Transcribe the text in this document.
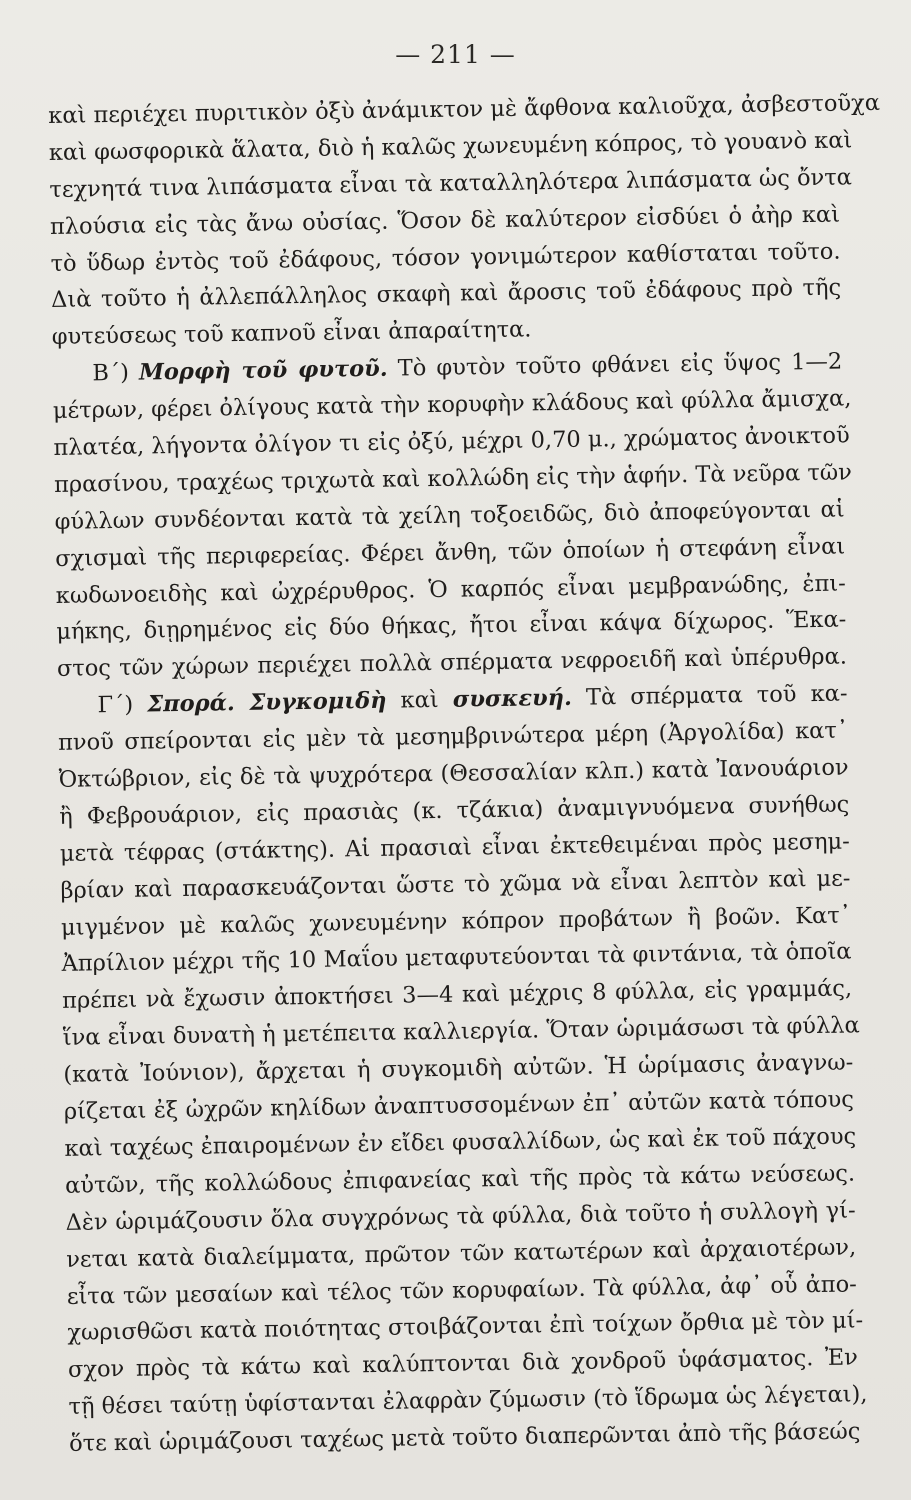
— 211 —
καὶ περιέχει πυριτικὸν ὀξὺ ἀνάμικτον μὲ ἄφθονα καλιοῦχα, ἀσβεστοῦχα
καὶ φωσφορικὰ ἅλατα, διὸ ἡ καλῶς χωνευμένη κόπρος, τὸ γουανὸ καὶ
τεχνητά τινα λιπάσματα εἶναι τὰ καταλληλότερα λιπάσματα ὡς ὄντα
πλούσια εἰς τὰς ἄνω οὐσίας. Ὅσον δὲ καλύτερον εἰσδύει ὁ ἀὴρ καὶ
τὸ ὕδωρ ἐντὸς τοῦ ἐδάφους, τόσον γονιμώτερον καθίσταται τοῦτο.
Διὰ τοῦτο ἡ ἀλλεπάλληλος σκαφὴ καὶ ἄροσις τοῦ ἐδάφους πρὸ τῆς
φυτεύσεως τοῦ καπνοῦ εἶναι ἀπαραίτητα.
Β΄) Μορφὴ τοῦ φυτοῦ. Τὸ φυτὸν τοῦτο φθάνει εἰς ὕψος 1—2
μέτρων, φέρει ὀλίγους κατὰ τὴν κορυφὴν κλάδους καὶ φύλλα ἄμισχα,
πλατέα, λήγοντα ὀλίγον τι εἰς ὀξύ, μέχρι 0,70 μ., χρώματος ἀνοικτοῦ
πρασίνου, τραχέως τριχωτὰ καὶ κολλώδη εἰς τὴν ἁφήν. Τὰ νεῦρα τῶν
φύλλων συνδέονται κατὰ τὰ χείλη τοξοειδῶς, διὸ ἀποφεύγονται αἱ
σχισμαὶ τῆς περιφερείας. Φέρει ἄνθη, τῶν ὁποίων ἡ στεφάνη εἶναι
κωδωνοειδὴς καὶ ὠχρέρυθρος. Ὁ καρπός εἶναι μεμβρανώδης, ἐπι-
μήκης, διῃρημένος εἰς δύο θήκας, ἤτοι εἶναι κάψα δίχωρος. Ἕκα-
στος τῶν χώρων περιέχει πολλὰ σπέρματα νεφροειδῆ καὶ ὑπέρυθρα.
Γ΄) Σπορά. Συγκομιδὴ καὶ συσκευή. Τὰ σπέρματα τοῦ κα-
πνοῦ σπείρονται εἰς μὲν τὰ μεσημβρινώτερα μέρη (Ἀργολίδα) κατ᾽
Ὀκτώβριον, εἰς δὲ τὰ ψυχρότερα (Θεσσαλίαν κλπ.) κατὰ Ἰανουάριον
ἢ Φεβρουάριον, εἰς πρασιὰς (κ. τζάκια) ἀναμιγνυόμενα συνήθως
μετὰ τέφρας (στάκτης). Αἱ πρασιαὶ εἶναι ἐκτεθειμέναι πρὸς μεσημ-
βρίαν καὶ παρασκευάζονται ὥστε τὸ χῶμα νὰ εἶναι λεπτὸν καὶ με-
μιγμένον μὲ καλῶς χωνευμένην κόπρον προβάτων ἢ βοῶν. Κατ᾽
Ἀπρίλιον μέχρι τῆς 10 Μαΐου μεταφυτεύονται τὰ φιντάνια, τὰ ὁποῖα
πρέπει νὰ ἔχωσιν ἀποκτήσει 3—4 καὶ μέχρις 8 φύλλα, εἰς γραμμάς,
ἵνα εἶναι δυνατὴ ἡ μετέπειτα καλλιεργία. Ὅταν ὡριμάσωσι τὰ φύλλα
(κατὰ Ἰούνιον), ἄρχεται ἡ συγκομιδὴ αὐτῶν. Ἡ ὡρίμασις ἀναγνω-
ρίζεται ἐξ ὠχρῶν κηλίδων ἀναπτυσσομένων ἐπ᾽ αὐτῶν κατὰ τόπους
καὶ ταχέως ἐπαιρομένων ἐν εἴδει φυσαλλίδων, ὡς καὶ ἐκ τοῦ πάχους
αὐτῶν, τῆς κολλώδους ἐπιφανείας καὶ τῆς πρὸς τὰ κάτω νεύσεως.
Δὲν ὡριμάζουσιν ὅλα συγχρόνως τὰ φύλλα, διὰ τοῦτο ἡ συλλογὴ γί-
νεται κατὰ διαλείμματα, πρῶτον τῶν κατωτέρων καὶ ἀρχαιοτέρων,
εἶτα τῶν μεσαίων καὶ τέλος τῶν κορυφαίων. Τὰ φύλλα, ἀφ᾽ οὗ ἀπο-
χωρισθῶσι κατὰ ποιότητας στοιβάζονται ἐπὶ τοίχων ὄρθια μὲ τὸν μί-
σχον πρὸς τὰ κάτω καὶ καλύπτονται διὰ χονδροῦ ὑφάσματος. Ἐν
τῇ θέσει ταύτῃ ὑφίστανται ἐλαφρὰν ζύμωσιν (τὸ ἵδρωμα ὡς λέγεται),
ὅτε καὶ ὡριμάζουσι ταχέως μετὰ τοῦτο διαπερῶνται ἀπὸ τῆς βάσεώς
